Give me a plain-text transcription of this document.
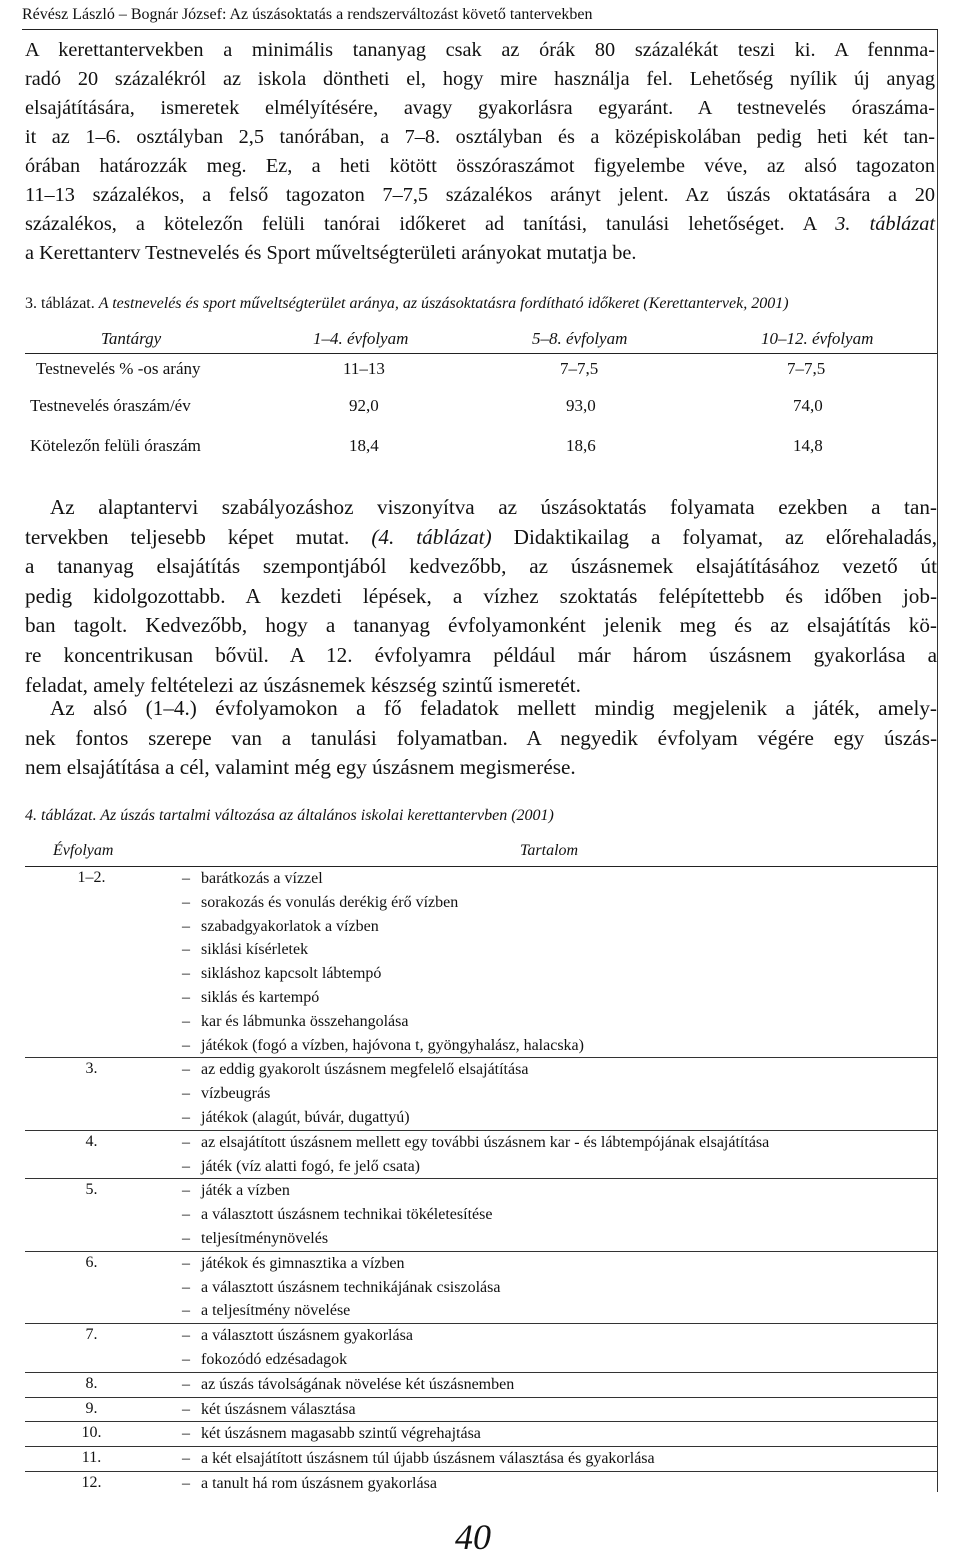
Révész László – Bognár József: Az úszásoktatás a rendszerváltozást követő tantervekben
A kerettantervekben a minimális tananyag csak az órák 80 százalékát teszi ki. A fennma-
radó 20 százalékról az iskola döntheti el, hogy mire használja fel. Lehetőség nyílik új anyag
elsajátítására, ismeretek elmélyítésére, avagy gyakorlásra egyaránt. A testnevelés óraszáma-
it az 1–6. osztályban 2,5 tanórában, a 7–8. osztályban és a középiskolában pedig heti két tan-
órában határozzák meg. Ez, a heti kötött összóraszámot figyelembe véve, az alsó tagozaton
11–13 százalékos, a felső tagozaton 7–7,5 százalékos arányt jelent. Az úszás oktatására a 20
százalékos, a kötelezőn felüli tanórai időkeret ad tanítási, tanulási lehetőséget. A 3. táblázat
a Kerettanterv Testnevelés és Sport műveltségterületi arányokat mutatja be.
3. táblázat. A testnevelés és sport műveltségterület aránya, az úszásoktatásra fordítható időkeret (Kerettantervek, 2001)
Tantárgy	1–4. évfolyam	5–8. évfolyam	10–12. évfolyam
Testnevelés % -os arány	11–13	7–7,5	7–7,5
Testnevelés óraszám/év	92,0	93,0	74,0
Kötelezőn felüli óraszám	18,4	18,6	14,8
Az alaptantervi szabályozáshoz viszonyítva az úszásoktatás folyamata ezekben a tan-
tervekben teljesebb képet mutat. (4. táblázat) Didaktikailag a folyamat, az előrehaladás,
a tananyag elsajátítás szempontjából kedvezőbb, az úszásnemek elsajátításához vezető út
pedig kidolgozottabb. A kezdeti lépések, a vízhez szoktatás felépítettebb és időben job-
ban tagolt. Kedvezőbb, hogy a tananyag évfolyamonként jelenik meg és az elsajátítás kö-
re koncentrikusan bővül. A 12. évfolyamra például már három úszásnem gyakorlása a
feladat, amely feltételezi az úszásnemek készség szintű ismeretét.
Az alsó (1–4.) évfolyamokon a fő feladatok mellett mindig megjelenik a játék, amely-
nek fontos szerepe van a tanulási folyamatban. A negyedik évfolyam végére egy úszás-
nem elsajátítása a cél, valamint még egy úszásnem megismerése.
4. táblázat. Az úszás tartalmi változása az általános iskolai kerettantervben (2001)
Évfolyam	Tartalom
1–2.	– barátkozás a vízzel
– sorakozás és vonulás derékig érő vízben
– szabadgyakorlatok a vízben
– siklási kísérletek
– sikláshoz kapcsolt lábtempó
– siklás és kartempó
– kar és lábmunka összehangolása
– játékok (fogó a vízben, hajóvona t, gyöngyhalász, halacska)
3.	– az eddig gyakorolt úszásnem megfelelő elsajátítása
– vízbeugrás
– játékok (alagút, búvár, dugattyú)
4.	– az elsajátított úszásnem mellett egy további úszásnem kar - és lábtempójának elsajátítása
– játék (víz alatti fogó, fe jelő csata)
5.	– játék a vízben
– a választott úszásnem technikai tökéletesítése
– teljesítménynövelés
6.	– játékok és gimnasztika a vízben
– a választott úszásnem technikájának csiszolása
– a teljesítmény növelése
7.	– a választott úszásnem gyakorlása
– fokozódó edzésadagok
8.	– az úszás távolságának növelése két úszásnemben
9.	– két úszásnem választása
10.	– két úszásnem magasabb szintű végrehajtása
11.	– a két elsajátított úszásnem túl újabb úszásnem választása és gyakorlása
12.	– a tanult há rom úszásnem gyakorlása
40
